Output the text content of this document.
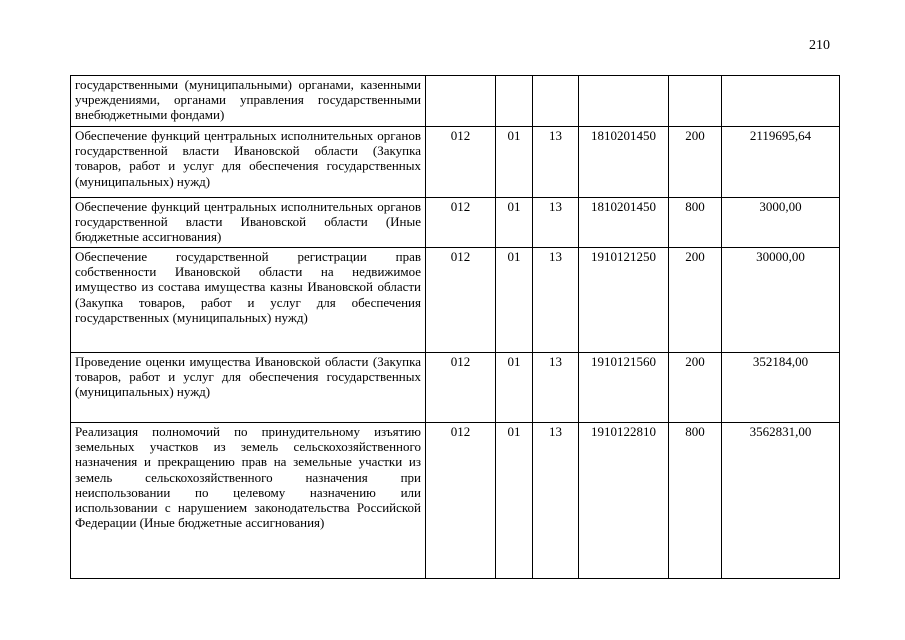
210
государственными (муниципальными) органами, казенными учреждениями, органами управления государственными внебюджетными фондами)						
Обеспечение функций центральных исполнительных органов государственной власти Ивановской области (Закупка товаров, работ и услуг для обеспечения государственных (муниципальных) нужд)	012	01	13	1810201450	200	2119695,64
Обеспечение функций центральных исполнительных органов государственной власти Ивановской области (Иные бюджетные ассигнования)	012	01	13	1810201450	800	3000,00
Обеспечение государственной регистрации прав собственности Ивановской области на недвижимое имущество из состава имущества казны Ивановской области (Закупка товаров, работ и услуг для обеспечения государственных (муниципальных) нужд)	012	01	13	1910121250	200	30000,00
Проведение оценки имущества Ивановской области (Закупка товаров, работ и услуг для обеспечения государственных (муниципальных) нужд)	012	01	13	1910121560	200	352184,00
Реализация полномочий по принудительному изъятию земельных участков из земель сельскохозяйственного назначения и прекращению прав на земельные участки из земель сельскохозяйственного назначения при неиспользовании по целевому назначению или использовании с нарушением законодательства Российской Федерации (Иные бюджетные ассигнования)	012	01	13	1910122810	800	3562831,00
